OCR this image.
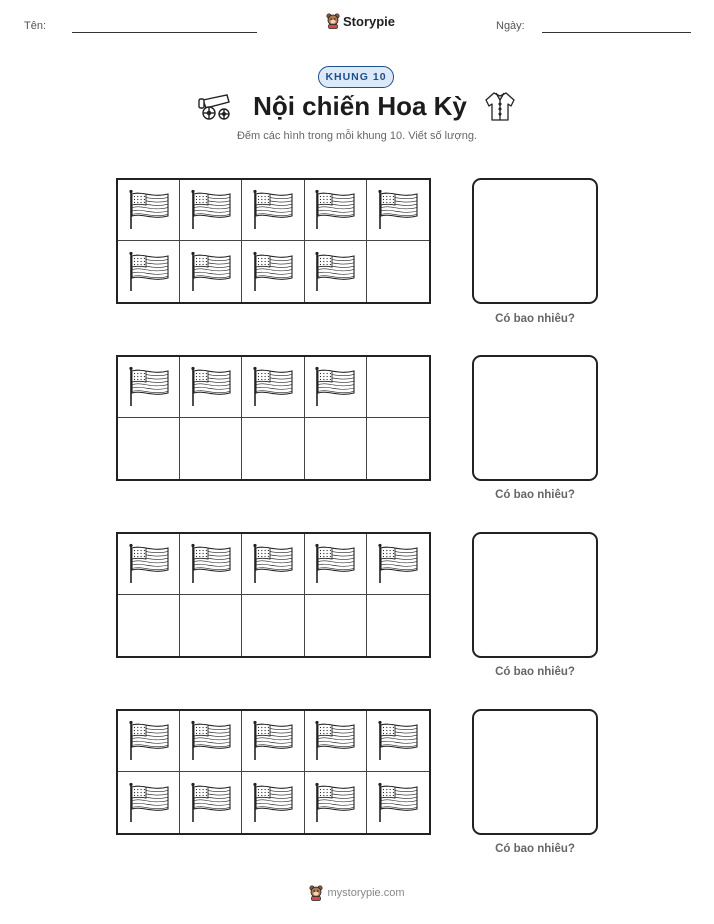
Tên:	Storypie	Ngày:
KHUNG 10
Nội chiến Hoa Kỳ
Đếm các hình trong mỗi khung 10. Viết số lượng.
Có bao nhiêu?
Có bao nhiêu?
Có bao nhiêu?
Có bao nhiêu?
mystorypie.com
